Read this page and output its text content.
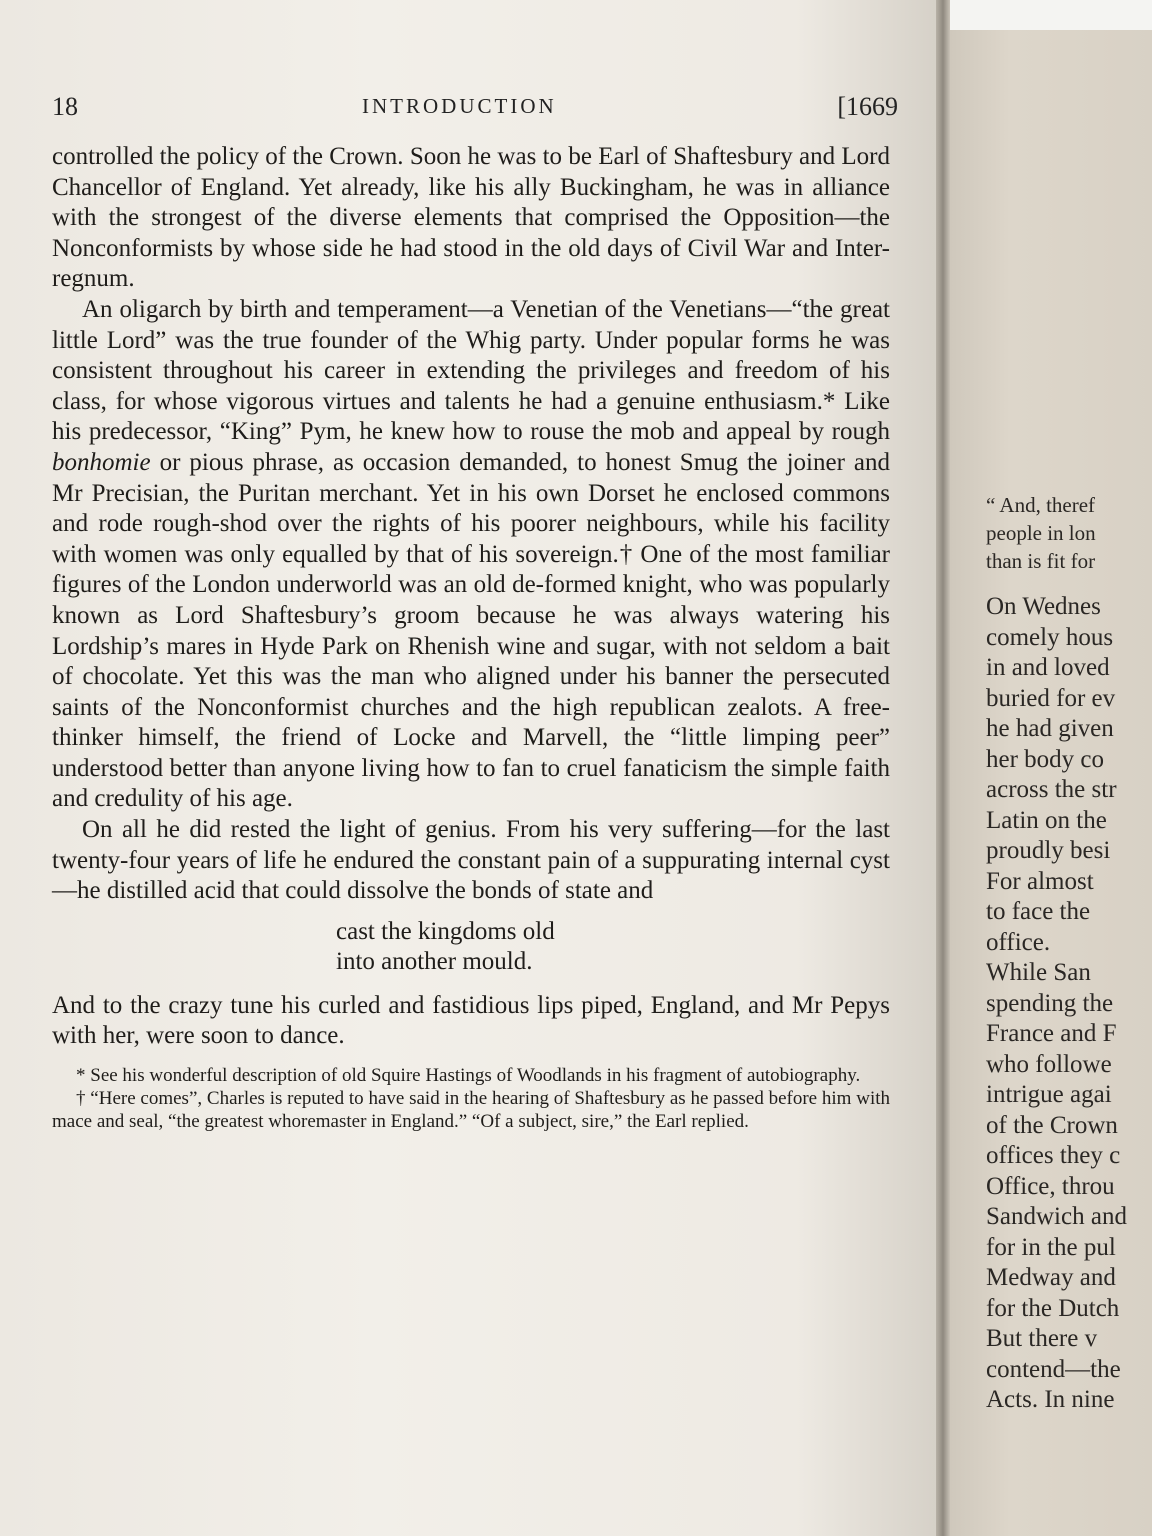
18	INTRODUCTION	[1669

controlled the policy of the Crown. Soon he was to be Earl of Shaftesbury and Lord Chancellor of England. Yet already, like his ally Buckingham, he was in alliance with the strongest of the diverse elements that comprised the Opposition—the Nonconformists by whose side he had stood in the old days of Civil War and Inter-regnum.

An oligarch by birth and temperament—a Venetian of the Venetians—“the great little Lord” was the true founder of the Whig party. Under popular forms he was consistent throughout his career in extending the privileges and freedom of his class, for whose vigorous virtues and talents he had a genuine enthusiasm.* Like his predecessor, “King” Pym, he knew how to rouse the mob and appeal by rough bonhomie or pious phrase, as occasion demanded, to honest Smug the joiner and Mr Precisian, the Puritan merchant. Yet in his own Dorset he enclosed commons and rode rough-shod over the rights of his poorer neighbours, while his facility with women was only equalled by that of his sovereign.† One of the most familiar figures of the London underworld was an old de-formed knight, who was popularly known as Lord Shaftesbury’s groom because he was always watering his Lordship’s mares in Hyde Park on Rhenish wine and sugar, with not seldom a bait of chocolate. Yet this was the man who aligned under his banner the persecuted saints of the Nonconformist churches and the high republican zealots. A free-thinker himself, the friend of Locke and Marvell, the “little limping peer” understood better than anyone living how to fan to cruel fanaticism the simple faith and credulity of his age.

On all he did rested the light of genius. From his very suffering—for the last twenty-four years of life he endured the constant pain of a suppurating internal cyst—he distilled acid that could dissolve the bonds of state and

cast the kingdoms old
into another mould.

And to the crazy tune his curled and fastidious lips piped, England, and Mr Pepys with her, were soon to dance.

* See his wonderful description of old Squire Hastings of Woodlands in his fragment of autobiography.

† “Here comes”, Charles is reputed to have said in the hearing of Shaftesbury as he passed before him with mace and seal, “the greatest whoremaster in England.” “Of a subject, sire,” the Earl replied.

“ And, theref
people in lon
than is fit for
On Wednes
comely hous
in and loved
buried for ev
he had given
her body co
across the str
Latin on the
proudly besi
For almost
to face the
office.
While San
spending the
France and F
who followe
intrigue agai
of the Crown
offices they c
Office, throu
Sandwich and
for in the pul
Medway and
for the Dutch
But there v
contend—the
Acts. In nine
